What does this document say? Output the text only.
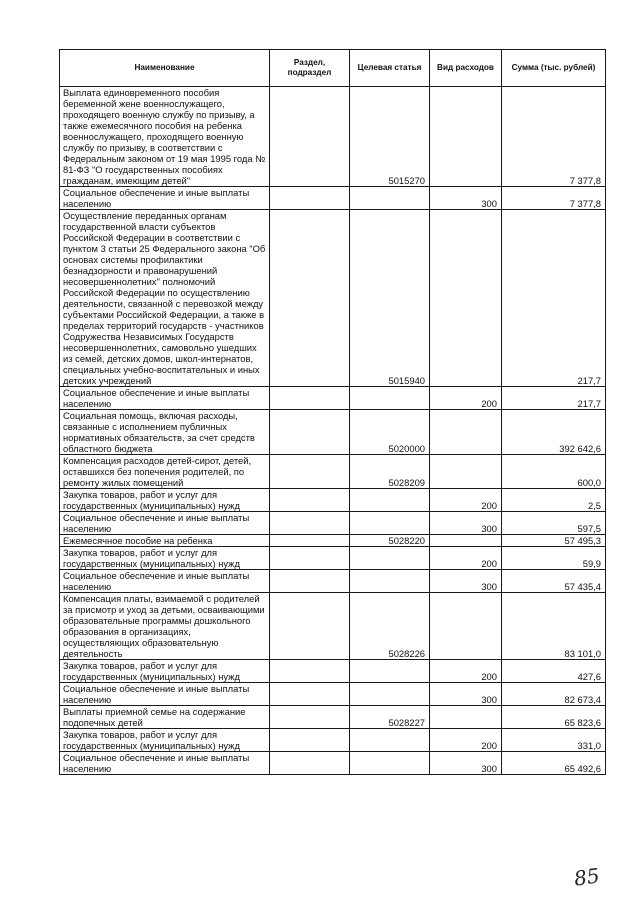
Наименование	Раздел, подраздел	Целевая статья	Вид расходов	Сумма (тыс. рублей)
Выплата единовременного пособия беременной жене военнослужащего, проходящего военную службу по призыву, а также ежемесячного пособия на ребенка военнослужащего, проходящего военную службу по призыву, в соответствии с Федеральным законом от 19 мая 1995 года № 81-ФЗ "О государственных пособиях гражданам, имеющим детей"		5015270		7 377,8
Социальное обеспечение и иные выплаты населению			300	7 377,8
Осуществление переданных органам государственной власти субъектов Российской Федерации в соответствии с пунктом 3 статьи 25 Федерального закона "Об основах системы профилактики безнадзорности и правонарушений несовершеннолетних" полномочий Российской Федерации по осуществлению деятельности, связанной с перевозкой между субъектами Российской Федерации, а также в пределах территорий государств - участников Содружества Независимых Государств несовершеннолетних, самовольно ушедших из семей, детских домов, школ-интернатов, специальных учебно-воспитательных и иных детских учреждений		5015940		217,7
Социальное обеспечение и иные выплаты населению			200	217,7
Социальная помощь, включая расходы, связанные с исполнением публичных нормативных обязательств, за счет средств областного бюджета		5020000		392 642,6
Компенсация расходов детей-сирот, детей, оставшихся без попечения родителей, по ремонту жилых помещений		5028209		600,0
Закупка товаров, работ и услуг для государственных (муниципальных) нужд			200	2,5
Социальное обеспечение и иные выплаты населению			300	597,5
Ежемесячное пособие на ребенка		5028220		57 495,3
Закупка товаров, работ и услуг для государственных (муниципальных) нужд			200	59,9
Социальное обеспечение и иные выплаты населению			300	57 435,4
Компенсация платы, взимаемой с родителей за присмотр и уход за детьми, осваивающими образовательные программы дошкольного образования в организациях, осуществляющих образовательную деятельность		5028226		83 101,0
Закупка товаров, работ и услуг для государственных (муниципальных) нужд			200	427,6
Социальное обеспечение и иные выплаты населению			300	82 673,4
Выплаты приемной семье на содержание подопечных детей		5028227		65 823,6
Закупка товаров, работ и услуг для государственных (муниципальных) нужд			200	331,0
Социальное обеспечение и иные выплаты населению			300	65 492,6
85
